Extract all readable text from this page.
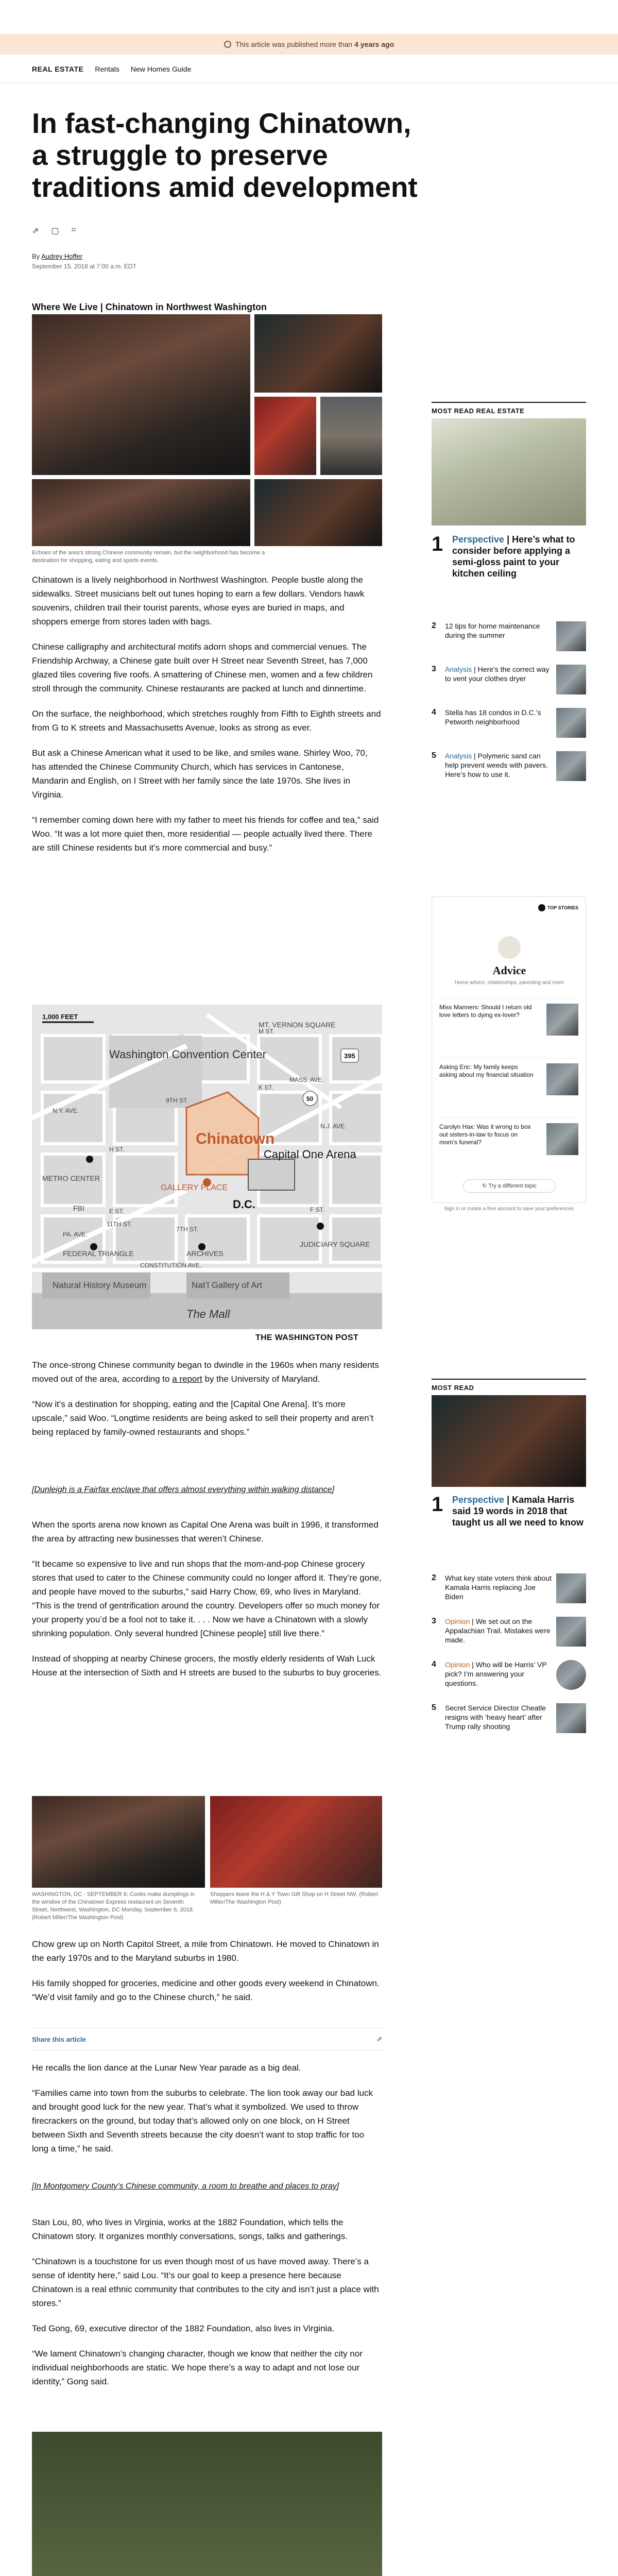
This article was published more than 4 years ago
REAL ESTATE Rentals New Homes Guide
In fast-changing Chinatown, a struggle to preserve traditions amid development
⇗ ▢ ⌗
By Audrey Hoffer
September 15, 2018 at 7:00 a.m. EDT
Where We Live | Chinatown in Northwest Washington
Echoes of the area’s strong Chinese community remain, but the neighborhood has become a destination for shopping, eating and sports events.

Chinatown is a lively neighborhood in Northwest Washington. People bustle along the sidewalks. Street musicians belt out tunes hoping to earn a few dollars. Vendors hawk souvenirs, children trail their tourist parents, whose eyes are buried in maps, and shoppers emerge from stores laden with bags.

Chinese calligraphy and architectural motifs adorn shops and commercial venues. The Friendship Archway, a Chinese gate built over H Street near Seventh Street, has 7,000 glazed tiles covering five roofs. A smattering of Chinese men, women and a few children stroll through the community. Chinese restaurants are packed at lunch and dinnertime.

On the surface, the neighborhood, which stretches roughly from Fifth to Eighth streets and from G to K streets and Massachusetts Avenue, looks as strong as ever.

But ask a Chinese American what it used to be like, and smiles wane. Shirley Woo, 70, has attended the Chinese Community Church, which has services in Cantonese, Mandarin and English, on I Street with her family since the late 1970s. She lives in Virginia.

“I remember coming down here with my father to meet his friends for coffee and tea,” said Woo. “It was a lot more quiet then, more residential — people actually lived there. There are still Chinese residents but it’s more commercial and busy.”

1,000 FEET
Washington Convention Center
MT. VERNON SQUARE
Chinatown
Capital One Arena
GALLERY PLACE
METRO CENTER
D.C.
JUDICIARY SQUARE
FEDERAL TRIANGLE	ARCHIVES
Natural History Museum	Nat’l Gallery of Art
The Mall
CONSTITUTION AVE.
MASS. AVE.
N.Y. AVE.
PA. AVE.
N.J. AVE.
K ST.
H ST.
E ST.	F ST.
M ST.
11TH ST.
7TH ST.
9TH ST.
FBI
395
50
THE WASHINGTON POST

The once-strong Chinese community began to dwindle in the 1960s when many residents moved out of the area, according to a report by the University of Maryland.

“Now it’s a destination for shopping, eating and the [Capital One Arena]. It’s more upscale,” said Woo. “Longtime residents are being asked to sell their property and aren’t being replaced by family-owned restaurants and shops.”

[Dunleigh is a Fairfax enclave that offers almost everything within walking distance]

When the sports arena now known as Capital One Arena was built in 1996, it transformed the area by attracting new businesses that weren’t Chinese.

“It became so expensive to live and run shops that the mom-and-pop Chinese grocery stores that used to cater to the Chinese community could no longer afford it. They’re gone, and people have moved to the suburbs,” said Harry Chow, 69, who lives in Maryland. “This is the trend of gentrification around the country. Developers offer so much money for your property you’d be a fool not to take it. . . . Now we have a Chinatown with a slowly shrinking population. Only several hundred [Chinese people] still live there.”

Instead of shopping at nearby Chinese grocers, the mostly elderly residents of Wah Luck House at the intersection of Sixth and H streets are bused to the suburbs to buy groceries.

WASHINGTON, DC - SEPTEMBER 6: Cooks make dumplings in the window of the Chinatown Express restaurant on Seventh Street, Northwest, Washington, DC Monday, September 6, 2018. (Robert Miller/The Washington Post)
Shoppers leave the H & Y Town Gift Shop on H Street NW. (Robert Miller/The Washington Post)

Chow grew up on North Capitol Street, a mile from Chinatown. He moved to Chinatown in the early 1970s and to the Maryland suburbs in 1980.

His family shopped for groceries, medicine and other goods every weekend in Chinatown. “We’d visit family and go to the Chinese church,” he said.

Share this article	⇗

He recalls the lion dance at the Lunar New Year parade as a big deal.

“Families came into town from the suburbs to celebrate. The lion took away our bad luck and brought good luck for the new year. That’s what it symbolized. We used to throw firecrackers on the ground, but today that’s allowed only on one block, on H Street between Sixth and Seventh streets because the city doesn’t want to stop traffic for too long a time,” he said.

[In Montgomery County’s Chinese community, a room to breathe and places to pray]

Stan Lou, 80, who lives in Virginia, works at the 1882 Foundation, which tells the Chinatown story. It organizes monthly conversations, songs, talks and gatherings.

“Chinatown is a touchstone for us even though most of us have moved away. There’s a sense of identity here,” said Lou. “It’s our goal to keep a presence here because Chinatown is a real ethnic community that contributes to the city and isn’t just a place with stores.”

Ted Gong, 69, executive director of the 1882 Foundation, also lives in Virginia.

“We lament Chinatown’s changing character, though we know that neither the city nor individual neighborhoods are static. We hope there’s a way to adapt and not lose our identity,” Gong said.

MOST READ REAL ESTATE
1 Perspective | Here’s what to consider before applying a semi-gloss paint to your kitchen ceiling
2	12 tips for home maintenance during the summer
3	Analysis | Here’s the correct way to vent your clothes dryer
4	Stella has 18 condos in D.C.’s Petworth neighborhood
5	Analysis | Polymeric sand can help prevent weeds with pavers. Here’s how to use it.
TOP STORIES
Advice
Home advice, relationships, parenting and more
Miss Manners: Should I return old love letters to dying ex-lover?
Asking Eric: My family keeps asking about my financial situation
Carolyn Hax: Was it wrong to box out sisters-in-law to focus on mom’s funeral?
↻ Try a different topic
Sign in or create a free account to save your preferences
MOST READ
1 Perspective | Kamala Harris said 19 words in 2018 that taught us all we need to know
2	What key state voters think about Kamala Harris replacing Joe Biden
3	Opinion | We set out on the Appalachian Trail. Mistakes were made.
4	Opinion | Who will be Harris’ VP pick? I’m answering your questions.
5	Secret Service Director Cheatle resigns with ‘heavy heart’ after Trump rally shooting
